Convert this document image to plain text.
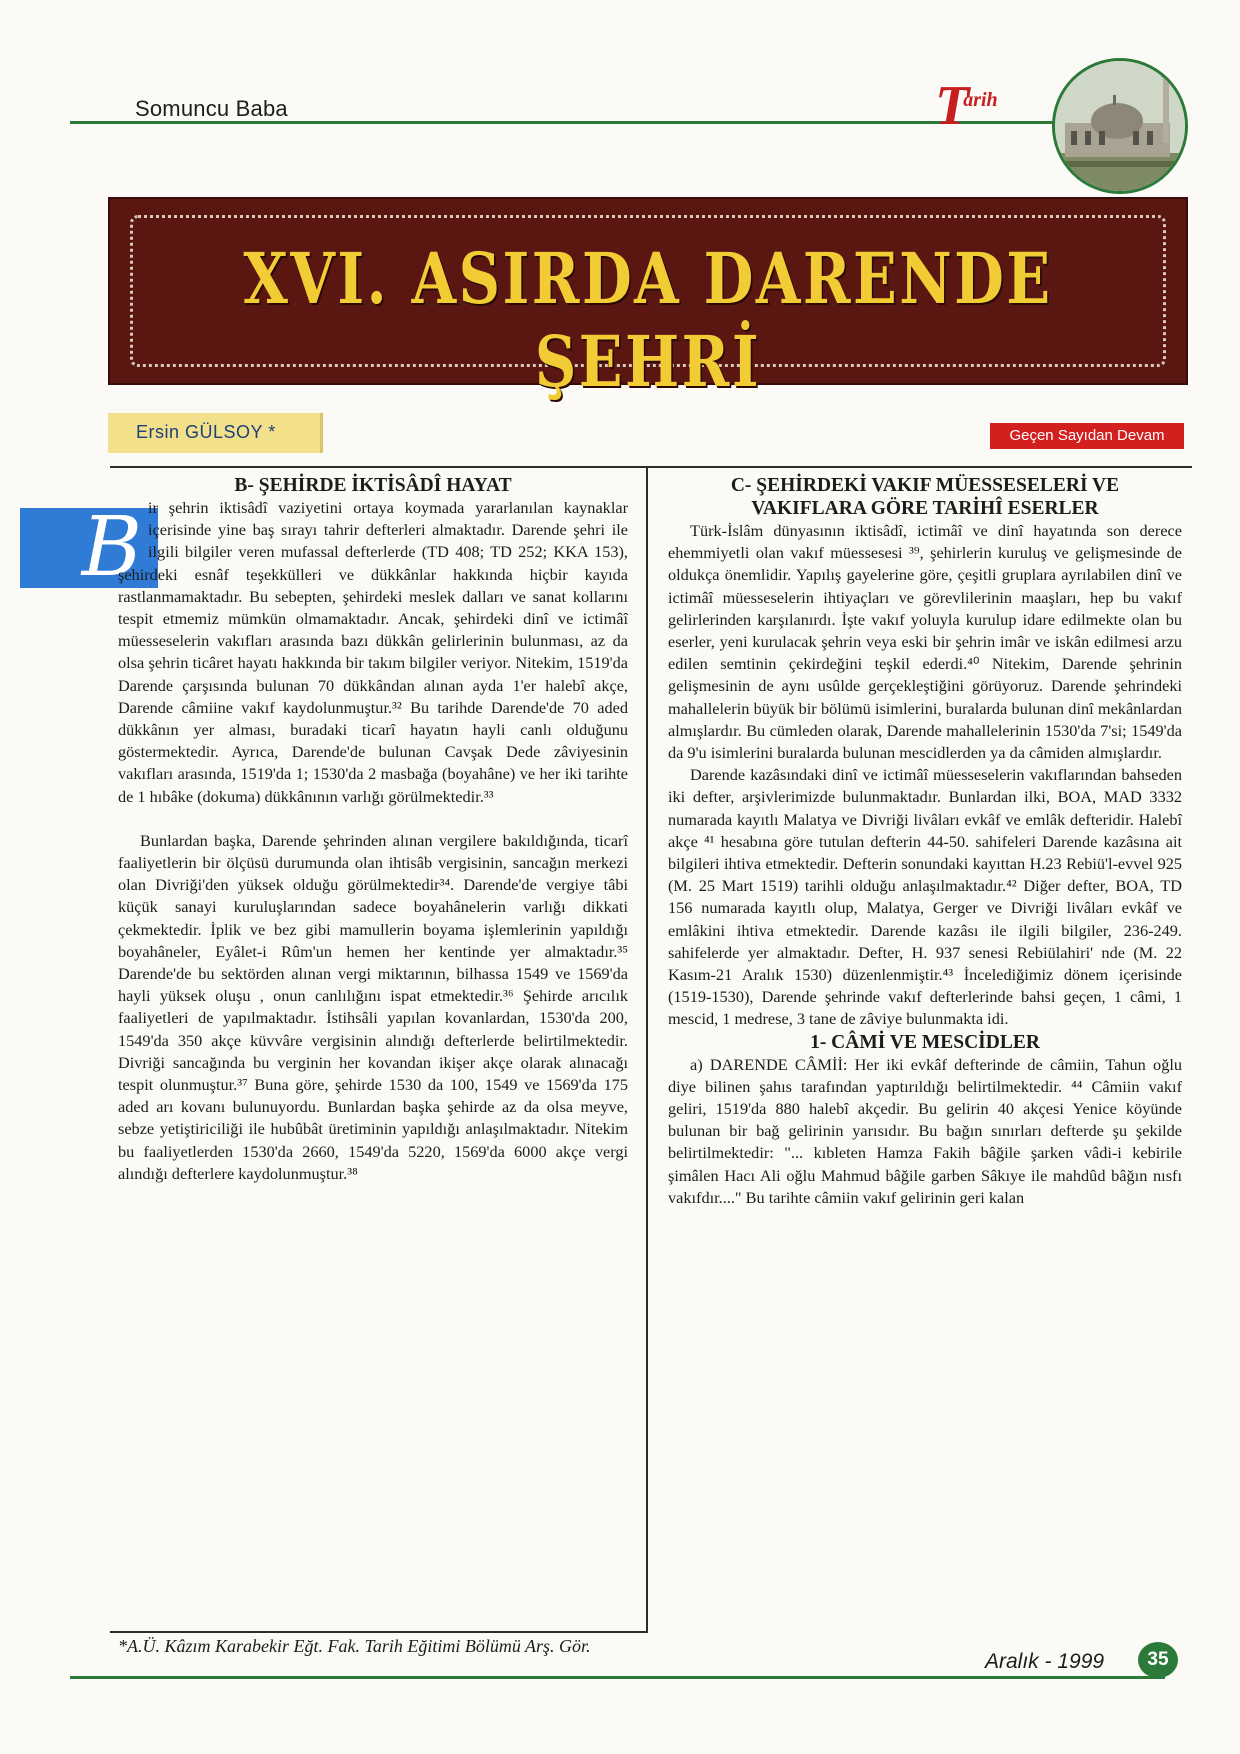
Somuncu Baba	Tarih
XVI. ASIRDA DARENDE ŞEHRİ
Ersin GÜLSOY *	Geçen Sayıdan Devam
B
B- ŞEHİRDE İKTİSÂDÎ HAYAT

ir şehrin iktisâdî vaziyetini ortaya koymada yararlanılan kaynaklar içerisinde yine baş sırayı tahrir defterleri almaktadır. Darende şehri ile ilgili bilgiler veren mufassal defterlerde (TD 408; TD 252; KKA 153), şehirdeki esnâf teşekkülleri ve dükkânlar hakkında hiçbir kayıda rastlanmamaktadır. Bu sebepten, şehirdeki meslek dalları ve sanat kollarını tespit etmemiz mümkün olmamaktadır. Ancak, şehirdeki dinî ve ictimâî müesseselerin vakıfları arasında bazı dükkân gelirlerinin bulunması, az da olsa şehrin ticâret hayatı hakkında bir takım bilgiler veriyor. Nitekim, 1519'da Darende çarşısında bulunan 70 dükkândan alınan ayda 1'er halebî akçe, Darende câmiine vakıf kaydolunmuştur.³² Bu tarihde Darende'de 70 aded dükkânın yer alması, buradaki ticarî hayatın hayli canlı olduğunu göstermektedir. Ayrıca, Darende'de bulunan Cavşak Dede zâviyesinin vakıfları arasında, 1519'da 1; 1530'da 2 masbağa (boyahâne) ve her iki tarihte de 1 hıbâke (dokuma) dükkânının varlığı görülmektedir.³³

Bunlardan başka, Darende şehrinden alınan vergilere bakıldığında, ticarî faaliyetlerin bir ölçüsü durumunda olan ihtisâb vergisinin, sancağın merkezi olan Divriği'den yüksek olduğu görülmektedir³⁴. Darende'de vergiye tâbi küçük sanayi kuruluşlarından sadece boyahânelerin varlığı dikkati çekmektedir. İplik ve bez gibi mamullerin boyama işlemlerinin yapıldığı boyahâneler, Eyâlet-i Rûm'un hemen her kentinde yer almaktadır.³⁵ Darende'de bu sektörden alınan vergi miktarının, bilhassa 1549 ve 1569'da hayli yüksek oluşu , onun canlılığını ispat etmektedir.³⁶ Şehirde arıcılık faaliyetleri de yapılmaktadır. İstihsâli yapılan kovanlardan, 1530'da 200, 1549'da 350 akçe küvvâre vergisinin alındığı defterlerde belirtilmektedir. Divriği sancağında bu verginin her kovandan ikişer akçe olarak alınacağı tespit olunmuştur.³⁷ Buna göre, şehirde 1530 da 100, 1549 ve 1569'da 175 aded arı kovanı bulunuyordu. Bunlardan başka şehirde az da olsa meyve, sebze yetiştiriciliği ile hubûbât üretiminin yapıldığı anlaşılmaktadır. Nitekim bu faaliyetlerden 1530'da 2660, 1549'da 5220, 1569'da 6000 akçe vergi alındığı defterlere kaydolunmuştur.³⁸

C- ŞEHİRDEKİ VAKIF MÜESSESELERİ VE
VAKIFLARA GÖRE TARİHÎ ESERLER

Türk-İslâm dünyasının iktisâdî, ictimâî ve dinî hayatında son derece ehemmiyetli olan vakıf müessesesi ³⁹, şehirlerin kuruluş ve gelişmesinde de oldukça önemlidir. Yapılış gayelerine göre, çeşitli gruplara ayrılabilen dinî ve ictimâî müesseselerin ihtiyaçları ve görevlilerinin maaşları, hep bu vakıf gelirlerinden karşılanırdı. İşte vakıf yoluyla kurulup idare edilmekte olan bu eserler, yeni kurulacak şehrin veya eski bir şehrin imâr ve iskân edilmesi arzu edilen semtinin çekirdeğini teşkil ederdi.⁴⁰ Nitekim, Darende şehrinin gelişmesinin de aynı usûlde gerçekleştiğini görüyoruz. Darende şehrindeki mahallelerin büyük bir bölümü isimlerini, buralarda bulunan dinî mekânlardan almışlardır. Bu cümleden olarak, Darende mahallelerinin 1530'da 7'si; 1549'da da 9'u isimlerini buralarda bulunan mescidlerden ya da câmiden almışlardır.

Darende kazâsındaki dinî ve ictimâî müesseselerin vakıflarından bahseden iki defter, arşivlerimizde bulunmaktadır. Bunlardan ilki, BOA, MAD 3332 numarada kayıtlı Malatya ve Divriği livâları evkâf ve emlâk defteridir. Halebî akçe ⁴¹ hesabına göre tutulan defterin 44-50. sahifeleri Darende kazâsına ait bilgileri ihtiva etmektedir. Defterin sonundaki kayıttan H.23 Rebiü'l-evvel 925 (M. 25 Mart 1519) tarihli olduğu anlaşılmaktadır.⁴² Diğer defter, BOA, TD 156 numarada kayıtlı olup, Malatya, Gerger ve Divriği livâları evkâf ve emlâkini ihtiva etmektedir. Darende kazâsı ile ilgili bilgiler, 236-249. sahifelerde yer almaktadır. Defter, H. 937 senesi Rebiülahiri' nde (M. 22 Kasım-21 Aralık 1530) düzenlenmiştir.⁴³ İncelediğimiz dönem içerisinde (1519-1530), Darende şehrinde vakıf defterlerinde bahsi geçen, 1 câmi, 1 mescid, 1 medrese, 3 tane de zâviye bulunmakta idi.

1- CÂMİ VE MESCİDLER

a) DARENDE CÂMİİ: Her iki evkâf defterinde de câmiin, Tahun oğlu diye bilinen şahıs tarafından yaptırıldığı belirtilmektedir. ⁴⁴ Câmiin vakıf geliri, 1519'da 880 halebî akçedir. Bu gelirin 40 akçesi Yenice köyünde bulunan bir bağ gelirinin yarısıdır. Bu bağın sınırları defterde şu şekilde belirtilmektedir: "... kıbleten Hamza Fakih bâğile şarken vâdi-i kebirile şimâlen Hacı Ali oğlu Mahmud bâğile garben Sâkıye ile mahdûd bâğın nısfı vakıfdır...." Bu tarihte câmiin vakıf gelirinin geri kalan

*A.Ü. Kâzım Karabekir Eğt. Fak. Tarih Eğitimi Bölümü Arş. Gör.
Aralık - 1999	35
